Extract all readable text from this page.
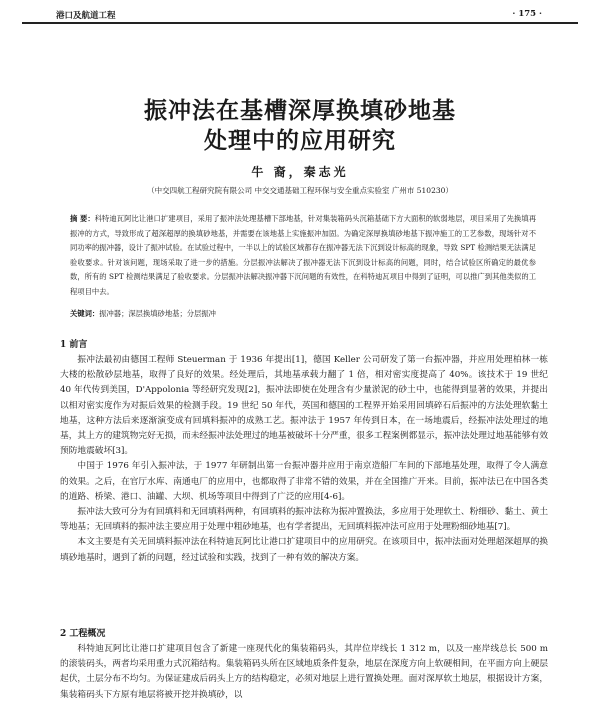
港口及航道工程	· 175 ·
振冲法在基槽深厚换填砂地基
处理中的应用研究
牛 裔，秦志光
（中交四航工程研究院有限公司 中交交通基础工程环保与安全重点实验室 广州市 510230）
摘 要：科特迪瓦阿比让港口扩建项目，采用了振冲法处理基槽下部地基，针对集装箱码头沉箱基础下方大面积的软弱地层，项目采用了先换填再振冲的方式，导致形成了超深超厚的换填砂地基，并需要在该地基上实施振冲加固。为确定深厚换填砂地基下振冲施工的工艺参数，现场针对不同功率的振冲器，设计了振冲试验。在试验过程中，一半以上的试验区域都存在振冲器无法下沉到设计标高的现象，导致 SPT 检测结果无法满足验收要求。针对该问题，现场采取了进一步的措施。分层振冲法解决了振冲器无法下沉到设计标高的问题，同时，结合试验区所确定的最优参数，所有的 SPT 检测结果满足了验收要求。分层振冲法解决振冲器下沉问题的有效性，在科特迪瓦项目中得到了证明，可以推广到其他类似的工程项目中去。
关键词：振冲器；深层换填砂地基；分层振冲
1 前言

振冲法最初由德国工程师 Steuerman 于 1936 年提出[1]，德国 Keller 公司研发了第一台振冲器，并应用处理柏林一栋大楼的松散砂层地基，取得了良好的效果。经处理后，其地基承载力翻了 1 倍，相对密实度提高了 40%。该技术于 19 世纪 40 年代传到美国，D'Appolonia 等经研究发现[2]，振冲法即使在处理含有少量淤泥的砂土中，也能得到显著的效果，并提出以相对密实度作为对振后效果的检测手段。19 世纪 50 年代，英国和德国的工程界开始采用回填碎石后振冲的方法处理软黏土地基，这种方法后来逐渐演变成有回填料振冲的成熟工艺。振冲法于 1957 年传到日本，在一场地震后，经振冲法处理过的地基，其上方的建筑物完好无损，而未经振冲法处理过的地基被破坏十分严重，很多工程案例都显示，振冲法处理过地基能够有效预防地震破坏[3]。

中国于 1976 年引入振冲法，于 1977 年研制出第一台振冲器并应用于南京造船厂车间的下部地基处理，取得了令人满意的效果。之后，在官厅水库、南通电厂的应用中，也都取得了非常不错的效果，并在全国推广开来。目前，振冲法已在中国各类的道路、桥梁、港口、油罐、大坝、机场等项目中得到了广泛的应用[4-6]。

振冲法大致可分为有回填料和无回填料两种，有回填料的振冲法称为振冲置换法，多应用于处理软土、粉细砂、黏土、黄土等地基；无回填料的振冲法主要应用于处理中粗砂地基，也有学者提出，无回填料振冲法可应用于处理粉细砂地基[7]。

本文主要是有关无回填料振冲法在科特迪瓦阿比让港口扩建项目中的应用研究。在该项目中，振冲法面对处理超深超厚的换填砂地基时，遇到了新的问题，经过试验和实践，找到了一种有效的解决方案。

2 工程概况

科特迪瓦阿比让港口扩建项目包含了新建一座现代化的集装箱码头，其岸位岸线长 1 312 m，以及一座岸线总长 500 m 的滚装码头，两者均采用重力式沉箱结构。集装箱码头所在区域地质条件复杂，地层在深度方向上软硬相间，在平面方向上硬层起伏，土层分布不均匀。为保证建成后码头上方的结构稳定，必须对地层上进行置换处理。面对深厚软土地层，根据设计方案，集装箱码头下方原有地层将被开挖并换填砂，以
